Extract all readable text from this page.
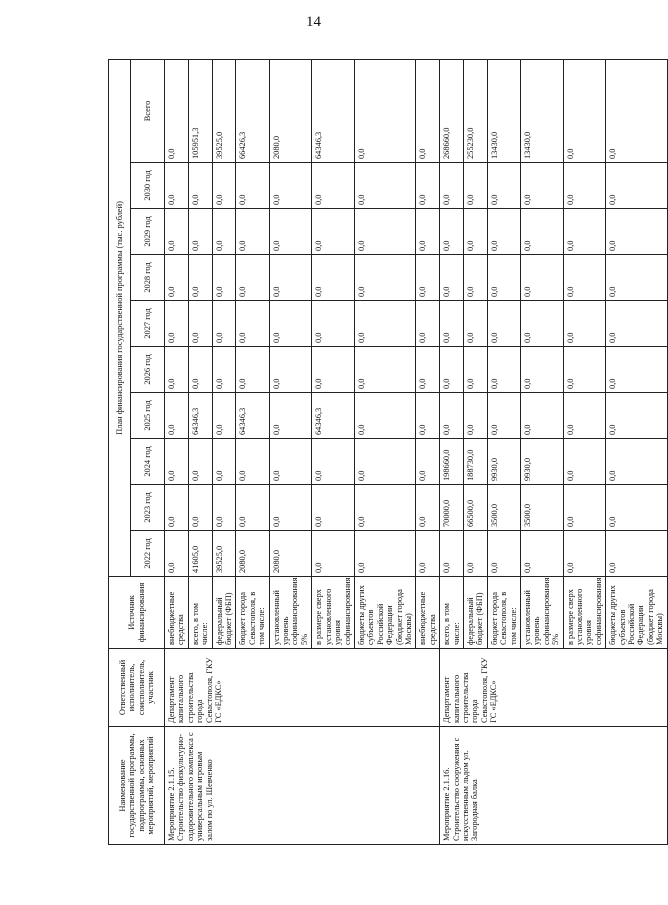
14
Наименование государственной программы, подпрограммы, основных мероприятий, мероприятий	Ответственный исполнитель, соисполнитель, участник	Источник финансирования	План финансирования государственной программы (тыс. рублей)									
			2022 год	2023 год	2024 год	2025 год	2026 год	2027 год	2028 год	2029 год	2030 год	Всего
Мероприятие 2.1.15. Строительство физкультурно-оздоровительного комплекса с универсальным игровым залом по ул. Шевченко	Департамент капитального строительства города Севастополя, ГКУ ГС «ЕДКС»	внебюджетные средства	0,0	0,0	0,0	0,0	0,0	0,0	0,0	0,0	0,0	0,0
		всего, в том числе:	41605,0	0,0	0,0	64346,3	0,0	0,0	0,0	0,0	0,0	105951,3
		федеральный бюджет (ФБП)	39525,0	0,0	0,0	0,0	0,0	0,0	0,0	0,0	0,0	39525,0
		бюджет города Севастополя, в том числе:	2080,0	0,0	0,0	64346,3	0,0	0,0	0,0	0,0	0,0	66426,3
		установленный уровень софинансирования 5%	2080,0	0,0	0,0	0,0	0,0	0,0	0,0	0,0	0,0	2080,0
		в размере сверх установленного уровня софинансирования	0,0	0,0	0,0	64346,3	0,0	0,0	0,0	0,0	0,0	64346,3
		бюджеты других субъектов Российской Федерации (бюджет города Москвы)	0,0	0,0	0,0	0,0	0,0	0,0	0,0	0,0	0,0	0,0
		внебюджетные средства	0,0	0,0	0,0	0,0	0,0	0,0	0,0	0,0	0,0	0,0
Мероприятие 2.1.16. Строительство сооружения с искусственным льдом ул. Загородная балка	Департамент капитального строительства города Севастополя, ГКУ ГС «ЕДКС»	всего, в том числе:	0,0	70000,0	198660,0	0,0	0,0	0,0	0,0	0,0	0,0	268660,0
		федеральный бюджет (ФБП)	0,0	66500,0	188730,0	0,0	0,0	0,0	0,0	0,0	0,0	255230,0
		бюджет города Севастополя, в том числе:	0,0	3500,0	9930,0	0,0	0,0	0,0	0,0	0,0	0,0	13430,0
		установленный уровень софинансирования 5%	0,0	3500,0	9930,0	0,0	0,0	0,0	0,0	0,0	0,0	13430,0
		в размере сверх установленного уровня софинансирования	0,0	0,0	0,0	0,0	0,0	0,0	0,0	0,0	0,0	0,0
		бюджеты других субъектов Российской Федерации (бюджет города Москвы)	0,0	0,0	0,0	0,0	0,0	0,0	0,0	0,0	0,0	0,0
